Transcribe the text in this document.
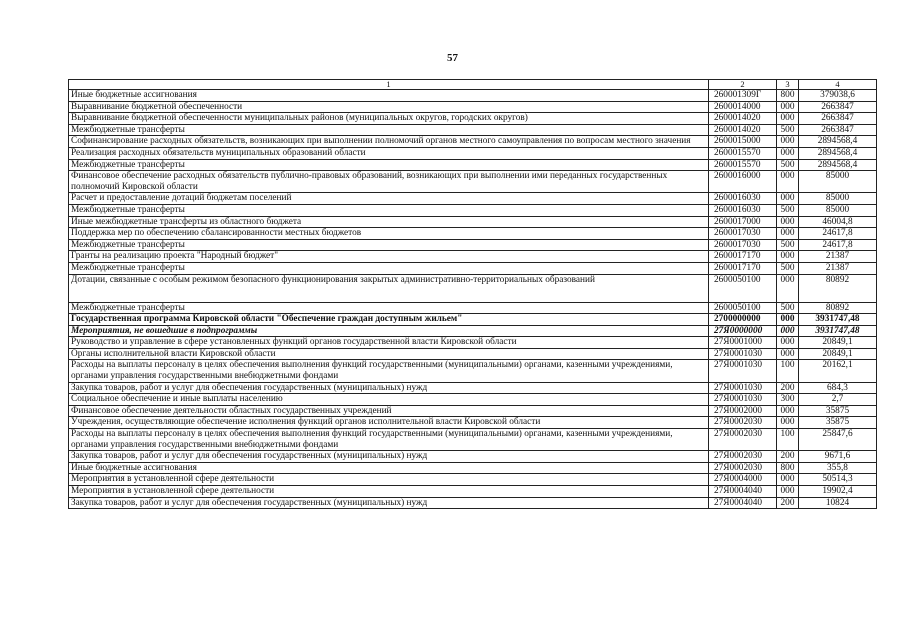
57
1	2	3	4
Иные бюджетные ассигнования	260001309Г	800	379038,6
Выравнивание бюджетной обеспеченности	2600014000	000	2663847
Выравнивание бюджетной обеспеченности муниципальных районов (муниципальных округов, городских округов)	2600014020	000	2663847
Межбюджетные трансферты	2600014020	500	2663847
Софинансирование расходных обязательств, возникающих при выполнении полномочий органов местного самоуправления по вопросам местного значения	2600015000	000	2894568,4
Реализация расходных обязательств муниципальных образований области	2600015570	000	2894568,4
Межбюджетные трансферты	2600015570	500	2894568,4
Финансовое обеспечение расходных обязательств публично-правовых образований, возникающих при выполнении ими переданных государственных полномочий Кировской области	2600016000	000	85000
Расчет и предоставление дотаций бюджетам поселений	2600016030	000	85000
Межбюджетные трансферты	2600016030	500	85000
Иные межбюджетные трансферты из областного бюджета	2600017000	000	46004,8
Поддержка мер по обеспечению сбалансированности местных бюджетов	2600017030	000	24617,8
Межбюджетные трансферты	2600017030	500	24617,8
Гранты на реализацию проекта "Народный бюджет"	2600017170	000	21387
Межбюджетные трансферты	2600017170	500	21387
Дотации, связанные с особым режимом безопасного функционирования закрытых административно-территориальных образований	2600050100	000	80892
Межбюджетные трансферты	2600050100	500	80892
Государственная программа Кировской области "Обеспечение граждан доступным жильем"	2700000000	000	3931747,48
Мероприятия, не вошедшие в подпрограммы	27Я0000000	000	3931747,48
Руководство и управление в сфере установленных функций органов государственной власти Кировской области	27Я0001000	000	20849,1
Органы исполнительной власти Кировской области	27Я0001030	000	20849,1
Расходы на выплаты персоналу в целях обеспечения выполнения функций государственными (муниципальными) органами, казенными учреждениями, органами управления государственными внебюджетными фондами	27Я0001030	100	20162,1
Закупка товаров, работ и услуг для обеспечения государственных (муниципальных) нужд	27Я0001030	200	684,3
Социальное обеспечение и иные выплаты населению	27Я0001030	300	2,7
Финансовое обеспечение деятельности областных государственных учреждений	27Я0002000	000	35875
Учреждения, осуществляющие обеспечение исполнения функций органов исполнительной власти Кировской области	27Я0002030	000	35875
Расходы на выплаты персоналу в целях обеспечения выполнения функций государственными (муниципальными) органами, казенными учреждениями, органами управления государственными внебюджетными фондами	27Я0002030	100	25847,6
Закупка товаров, работ и услуг для обеспечения государственных (муниципальных) нужд	27Я0002030	200	9671,6
Иные бюджетные ассигнования	27Я0002030	800	355,8
Мероприятия в установленной сфере деятельности	27Я0004000	000	50514,3
Мероприятия в установленной сфере деятельности	27Я0004040	000	19902,4
Закупка товаров, работ и услуг для обеспечения государственных (муниципальных) нужд	27Я0004040	200	10824
